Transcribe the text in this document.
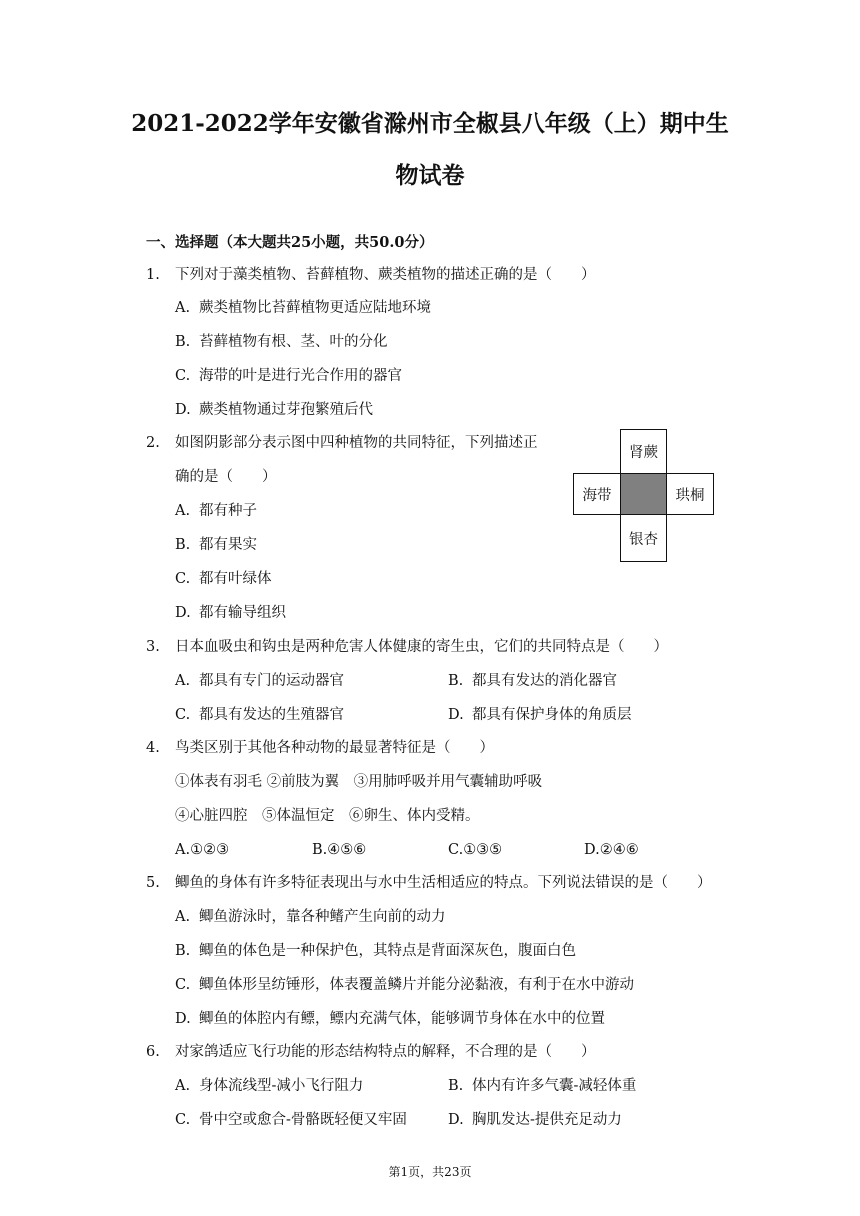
2021-2022学年安徽省滁州市全椒县八年级（上）期中生
物试卷
一、选择题（本大题共25小题，共50.0分）
1. 下列对于藻类植物、苔藓植物、蕨类植物的描述正确的是（　　）
A. 蕨类植物比苔藓植物更适应陆地环境
B. 苔藓植物有根、茎、叶的分化
C. 海带的叶是进行光合作用的器官
D. 蕨类植物通过芽孢繁殖后代
2. 如图阴影部分表示图中四种植物的共同特征，下列描述正
确的是（　　）
A. 都有种子
B. 都有果实
C. 都有叶绿体
D. 都有输导组织
肾蕨
海带	珙桐
银杏
3. 日本血吸虫和钩虫是两种危害人体健康的寄生虫，它们的共同特点是（　　）
A. 都具有专门的运动器官	B. 都具有发达的消化器官
C. 都具有发达的生殖器官	D. 都具有保护身体的角质层
4. 鸟类区别于其他各种动物的最显著特征是（　　）
①体表有羽毛 ②前肢为翼　③用肺呼吸并用气囊辅助呼吸
④心脏四腔　⑤体温恒定　⑥卵生、体内受精。
A.①②③	B.④⑤⑥	C.①③⑤	D.②④⑥
5. 鲫鱼的身体有许多特征表现出与水中生活相适应的特点。下列说法错误的是（　　）
A. 鲫鱼游泳时，靠各种鳍产生向前的动力
B. 鲫鱼的体色是一种保护色，其特点是背面深灰色，腹面白色
C. 鲫鱼体形呈纺锤形，体表覆盖鳞片并能分泌黏液，有利于在水中游动
D. 鲫鱼的体腔内有鳔，鳔内充满气体，能够调节身体在水中的位置
6. 对家鸽适应飞行功能的形态结构特点的解释，不合理的是（　　）
A. 身体流线型-减小飞行阻力	B. 体内有许多气囊-减轻体重
C. 骨中空或愈合-骨骼既轻便又牢固	D. 胸肌发达-提供充足动力
第1页，共23页
